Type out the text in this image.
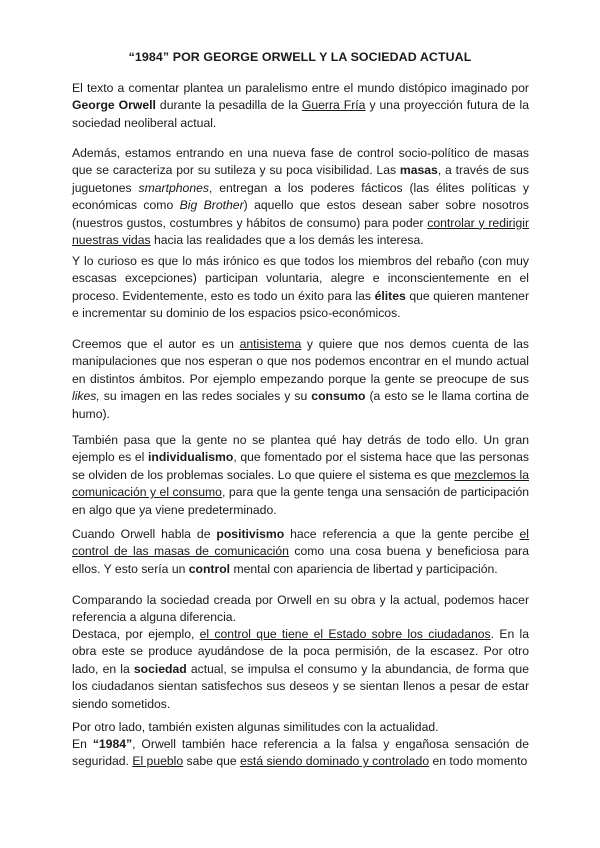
“1984” POR GEORGE ORWELL Y LA SOCIEDAD ACTUAL

El texto a comentar plantea un paralelismo entre el mundo distópico imaginado por George Orwell durante la pesadilla de la Guerra Fría y una proyección futura de la sociedad neoliberal actual.

Además, estamos entrando en una nueva fase de control socio-político de masas que se caracteriza por su sutileza y su poca visibilidad. Las masas, a través de sus juguetones smartphones, entregan a los poderes fácticos (las élites políticas y económicas como Big Brother) aquello que estos desean saber sobre nosotros (nuestros gustos, costumbres y hábitos de consumo) para poder controlar y redirigir nuestras vidas hacia las realidades que a los demás les interesa.

Y lo curioso es que lo más irónico es que todos los miembros del rebaño (con muy escasas excepciones) participan voluntaria, alegre e inconscientemente en el proceso. Evidentemente, esto es todo un éxito para las élites que quieren mantener e incrementar su dominio de los espacios psico-económicos.

Creemos que el autor es un antisistema y quiere que nos demos cuenta de las manipulaciones que nos esperan o que nos podemos encontrar en el mundo actual en distintos ámbitos. Por ejemplo empezando porque la gente se preocupe de sus likes, su imagen en las redes sociales y su consumo (a esto se le llama cortina de humo).

También pasa que la gente no se plantea qué hay detrás de todo ello. Un gran ejemplo es el individualismo, que fomentado por el sistema hace que las personas se olviden de los problemas sociales. Lo que quiere el sistema es que mezclemos la comunicación y el consumo, para que la gente tenga una sensación de participación en algo que ya viene predeterminado.

Cuando Orwell habla de positivismo hace referencia a que la gente percibe el control de las masas de comunicación como una cosa buena y beneficiosa para ellos. Y esto sería un control mental con apariencia de libertad y participación.

Comparando la sociedad creada por Orwell en su obra y la actual, podemos hacer referencia a alguna diferencia.

Destaca, por ejemplo, el control que tiene el Estado sobre los ciudadanos. En la obra este se produce ayudándose de la poca permisión, de la escasez. Por otro lado, en la sociedad actual, se impulsa el consumo y la abundancia, de forma que los ciudadanos sientan satisfechos sus deseos y se sientan llenos a pesar de estar siendo sometidos.

Por otro lado, también existen algunas similitudes con la actualidad.

En “1984”, Orwell también hace referencia a la falsa y engañosa sensación de seguridad. El pueblo sabe que está siendo dominado y controlado en todo momento
